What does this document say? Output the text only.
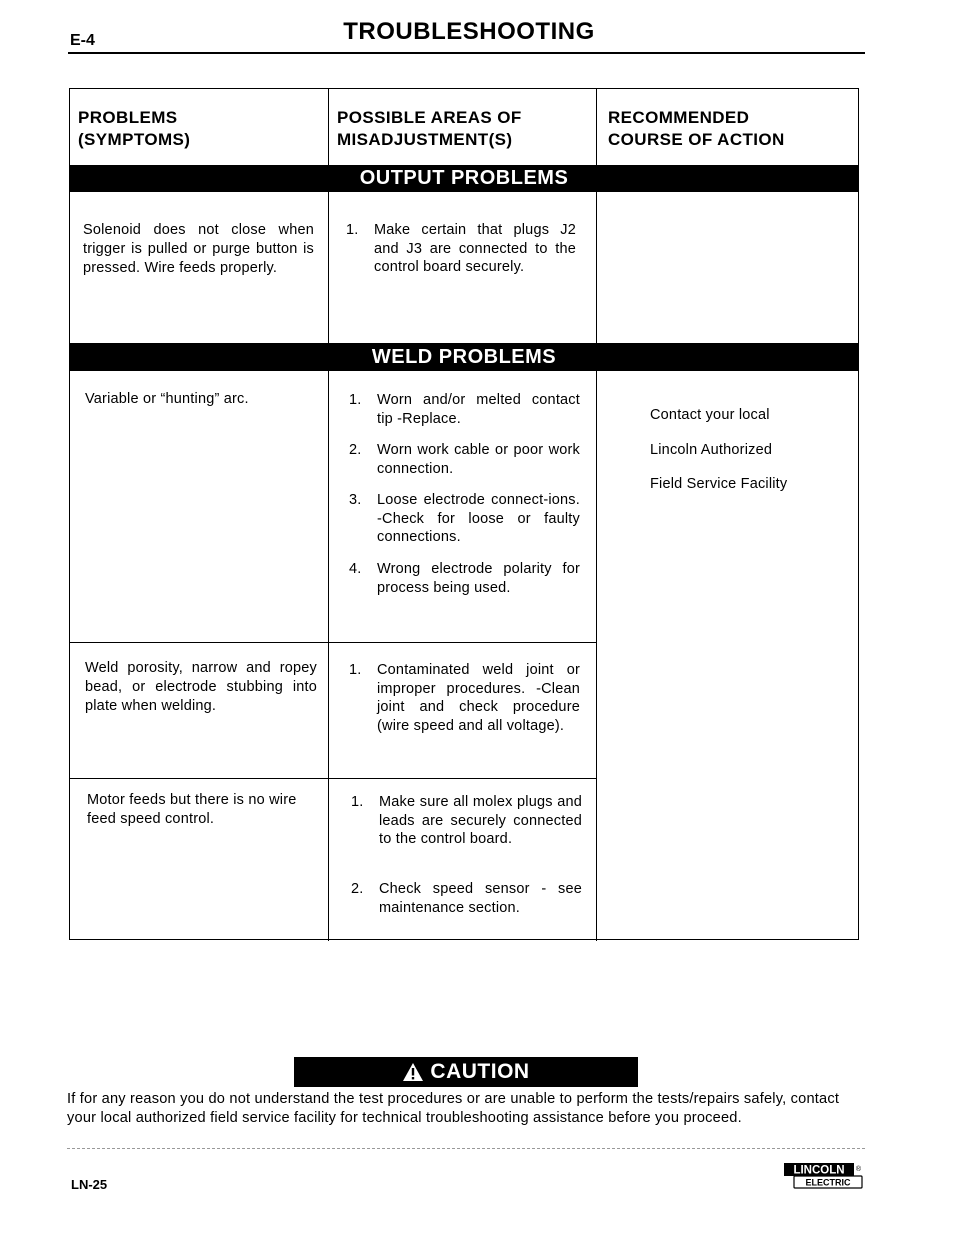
E-4	TROUBLESHOOTING
PROBLEMS
(SYMPTOMS)
POSSIBLE AREAS OF
MISADJUSTMENT(S)
RECOMMENDED
COURSE OF ACTION
OUTPUT PROBLEMS
Solenoid does not close when trigger is pulled or purge button is pressed. Wire feeds properly.
1. Make certain that plugs J2 and J3 are connected to the control board securely.
WELD PROBLEMS
Variable or “hunting” arc.	1. Worn and/or melted contact tip -Replace.
2. Worn work cable or poor work connection.
3. Loose electrode connect-ions. -Check for loose or faulty connections.
4. Wrong electrode polarity for process being used.
Contact your local
Lincoln Authorized
Field Service Facility
Weld porosity, narrow and ropey bead, or electrode stubbing into plate when welding.
1. Contaminated weld joint or improper procedures. -Clean joint and check procedure (wire speed and all voltage).
Motor feeds but there is no wire feed speed control.
1. Make sure all molex plugs and leads are securely connected to the control board.
2. Check speed sensor - see maintenance section.
CAUTION
If for any reason you do not understand the test procedures or are unable to perform the tests/repairs safely, contact your local authorized field service facility for technical troubleshooting assistance before you proceed.
LN-25
LINCOLN ®
ELECTRIC
